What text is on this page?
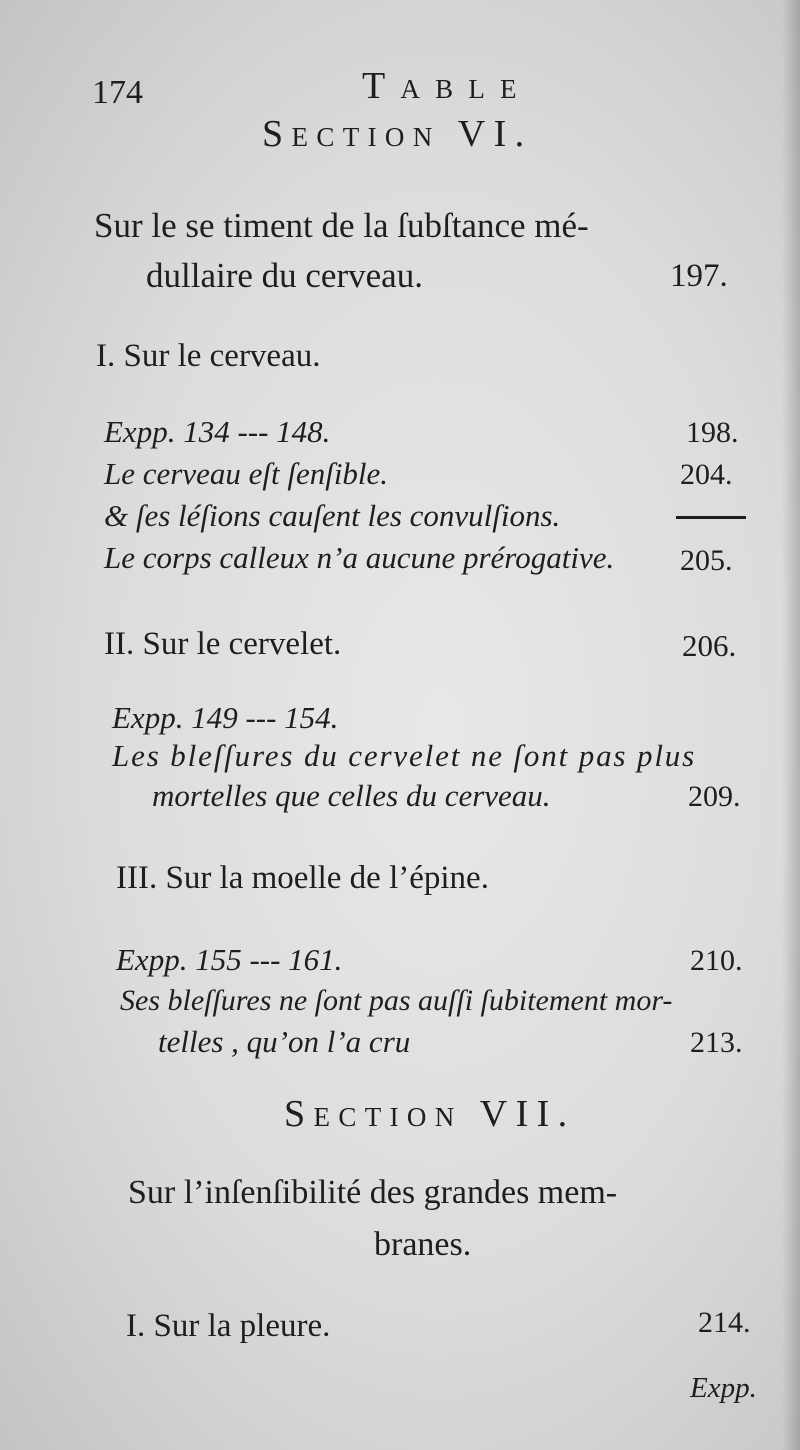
174	Table
Section VI.
Sur le se timent de la ſubſtance mé-
dullaire du cerveau.	197.
I. Sur le cerveau.
Expp. 134 --- 148.	198.
Le cerveau eſt ſenſible.	204.
& ſes léſions cauſent les convulſions.
Le corps calleux n’a aucune prérogative. 205.
II. Sur le cervelet.	206.
Expp. 149 --- 154.
Les bleſſures du cervelet ne ſont pas plus
mortelles que celles du cerveau.	209.
III. Sur la moelle de l’épine.
Expp. 155 --- 161.	210.
Ses bleſſures ne ſont pas auſſi ſubitement mor-
telles , qu’on l’a cru	213.
Section VII.
Sur l’inſenſibilité des grandes mem-
branes.
I. Sur la pleure.	214.
Expp.
